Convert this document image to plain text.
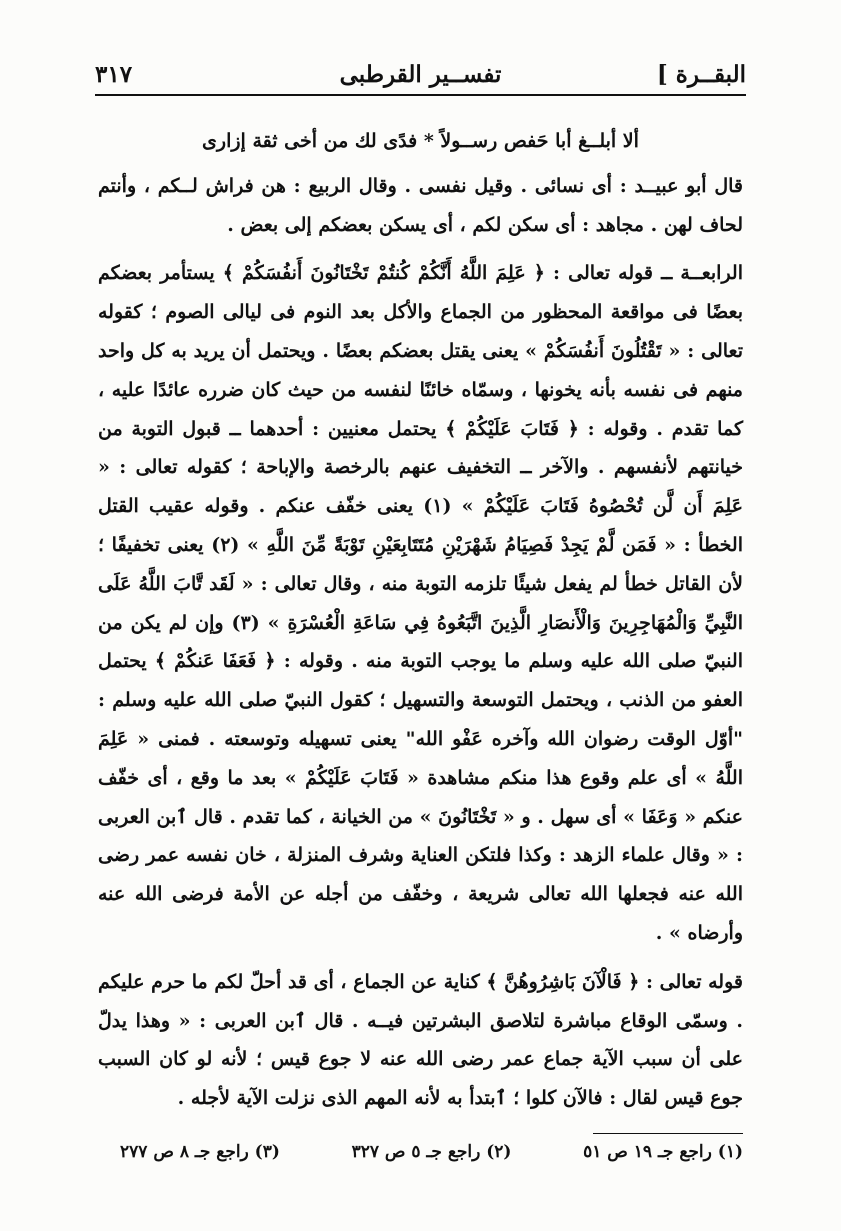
البقــرة ]
تفســير القرطبى
٣١٧

ألا أبلــغ أبا حَفص رســولاً * فدًى لك من أخى ثقة إزارى

قال أبو عبيــد : أى نسائى . وقيل نفسى . وقال الربيع : هن فراش لــكم ، وأنتم لحاف لهن . مجاهد : أى سكن لكم ، أى يسكن بعضكم إلى بعض .

الرابعــة ــ قوله تعالى : ﴿ عَلِمَ اللَّهُ أَنَّكُمْ كُنتُمْ تَخْتَانُونَ أَنفُسَكُمْ ﴾ يستأمر بعضكم بعضًا فى مواقعة المحظور من الجماع والأكل بعد النوم فى ليالى الصوم ؛ كقوله تعالى : « تَقْتُلُونَ أَنفُسَكُمْ » يعنى يقتل بعضكم بعضًا . ويحتمل أن يريد به كل واحد منهم فى نفسه بأنه يخونها ، وسمّاه خائنًا لنفسه من حيث كان ضرره عائدًا عليه ، كما تقدم . وقوله : ﴿ فَتَابَ عَلَيْكُمْ ﴾ يحتمل معنيين : أحدهما ــ قبول التوبة من خيانتهم لأنفسهم . والآخر ــ التخفيف عنهم بالرخصة والإباحة ؛ كقوله تعالى : « عَلِمَ أَن لَّن تُحْصُوهُ فَتَابَ عَلَيْكُمْ » (١) يعنى خفّف عنكم . وقوله عقيب القتل الخطأ : « فَمَن لَّمْ يَجِدْ فَصِيَامُ شَهْرَيْنِ مُتَتَابِعَيْنِ تَوْبَةً مِّنَ اللَّهِ » (٢) يعنى تخفيفًا ؛ لأن القاتل خطأ لم يفعل شيئًا تلزمه التوبة منه ، وقال تعالى : « لَقَد تَّابَ اللَّهُ عَلَى النَّبِيِّ وَالْمُهَاجِرِينَ وَالْأَنصَارِ الَّذِينَ اتَّبَعُوهُ فِي سَاعَةِ الْعُسْرَةِ » (٣) وإن لم يكن من النبيّ صلى الله عليه وسلم ما يوجب التوبة منه . وقوله : ﴿ فَعَفَا عَنكُمْ ﴾ يحتمل العفو من الذنب ، ويحتمل التوسعة والتسهيل ؛ كقول النبيّ صلى الله عليه وسلم : "أوّل الوقت رضوان الله وآخره عَفْو الله" يعنى تسهيله وتوسعته . فمنى « عَلِمَ اللَّهُ » أى علم وقوع هذا منكم مشاهدة « فَتَابَ عَلَيْكُمْ » بعد ما وقع ، أى خفّف عنكم « وَعَفَا » أى سهل . و « تَخْتَانُونَ » من الخيانة ، كما تقدم . قال ٱبن العربى : « وقال علماء الزهد : وكذا فلتكن العناية وشرف المنزلة ، خان نفسه عمر رضى الله عنه فجعلها الله تعالى شريعة ، وخفّف من أجله عن الأمة فرضى الله عنه وأرضاه » .

قوله تعالى : ﴿ فَالْآنَ بَاشِرُوهُنَّ ﴾ كناية عن الجماع ، أى قد أحلّ لكم ما حرم عليكم . وسمّى الوقاع مباشرة لتلاصق البشرتين فيــه . قال ٱبن العربى : « وهذا يدلّ على أن سبب الآية جماع عمر رضى الله عنه لا جوع قيس ؛ لأنه لو كان السبب جوع قيس لقال : فالآن كلوا ؛ ٱبتدأ به لأنه المهم الذى نزلت الآية لأجله .

(١) راجع جـ ١٩ ص ٥١
(٢) راجع جـ ٥ ص ٣٢٧
(٣) راجع جـ ٨ ص ٢٧٧
